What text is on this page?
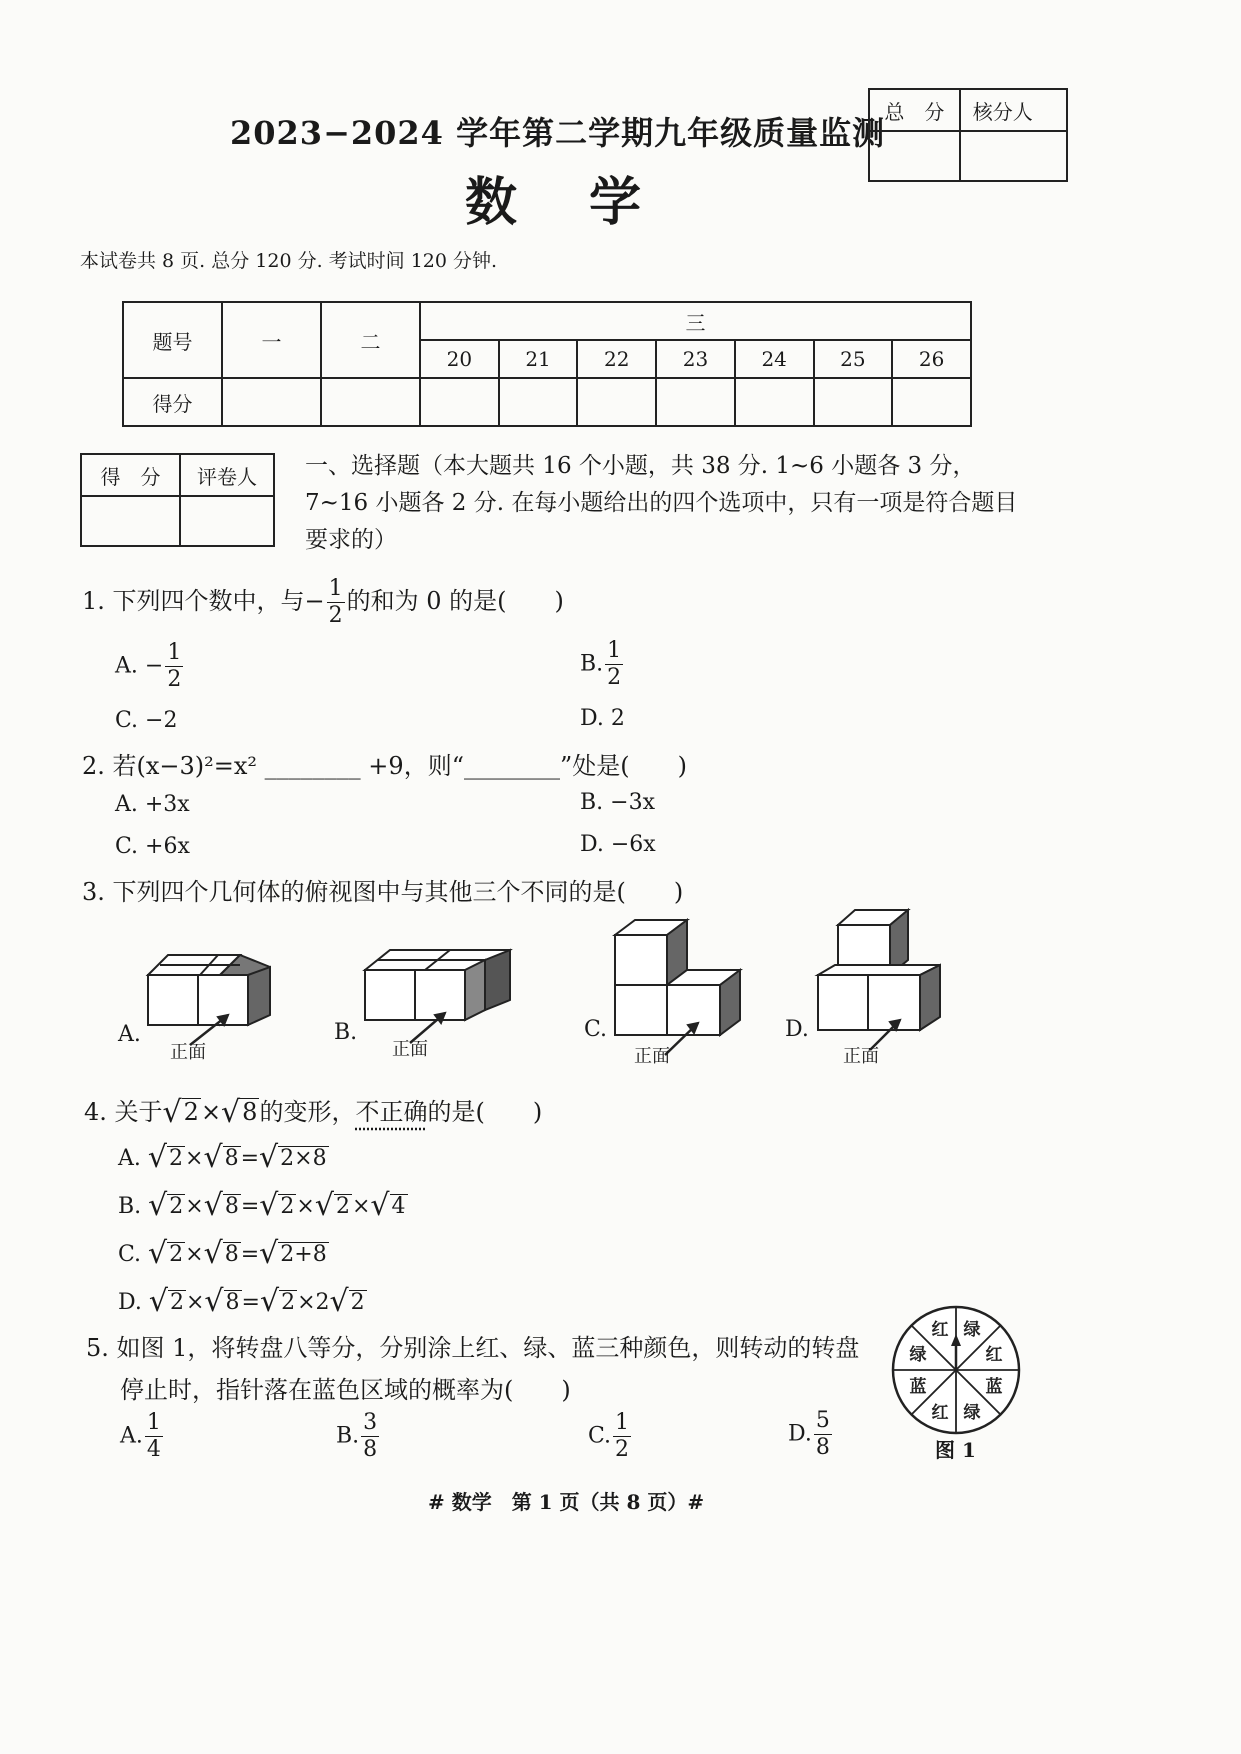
2023−2024 学年第二学期九年级质量监测
数　学
总　分	核分人

本试卷共 8 页. 总分 120 分. 考试时间 120 分钟.
题号	一	二	三						
			20	21	22	23	24	25	26
得分									
得　分	评卷人
	一、选择题（本大题共 16 个小题，共 38 分. 1~6 小题各 3 分，7~16 小题各 2 分. 在每小题给出的四个选项中，只有一项是符合题目要求的）
1. 下列四个数中，与− $\frac{1}{2}$ 的和为 0 的是(　　)
A. − $\frac{1}{2}$	B. $\frac{1}{2}$
C. −2	D. 2
2. 若(x−3)²=x² ________ +9，则“________”处是(　　)
A. +3x	B. −3x
C. +6x	D. −6x
3. 下列四个几何体的俯视图中与其他三个不同的是(　　)
A.	B.	C.	D.
正面	正面	正面	正面
4. 关于√2×√8的变形，不正确的是(　　)
A. √2×√8=√2×8
B. √2×√8=√2×√2×√4
C. √2×√8=√2+8
D. √2×√8=√2×2√2
5. 如图 1，将转盘八等分，分别涂上红、绿、蓝三种颜色，则转动的转盘
停止时，指针落在蓝色区域的概率为(　　)
A. $\frac{1}{4}$	B. $\frac{3}{8}$	C. $\frac{1}{2}$	D. $\frac{5}{8}$
红 绿
红
蓝
绿
红
蓝
绿
图 1
# 数学　第 1 页（共 8 页）#
